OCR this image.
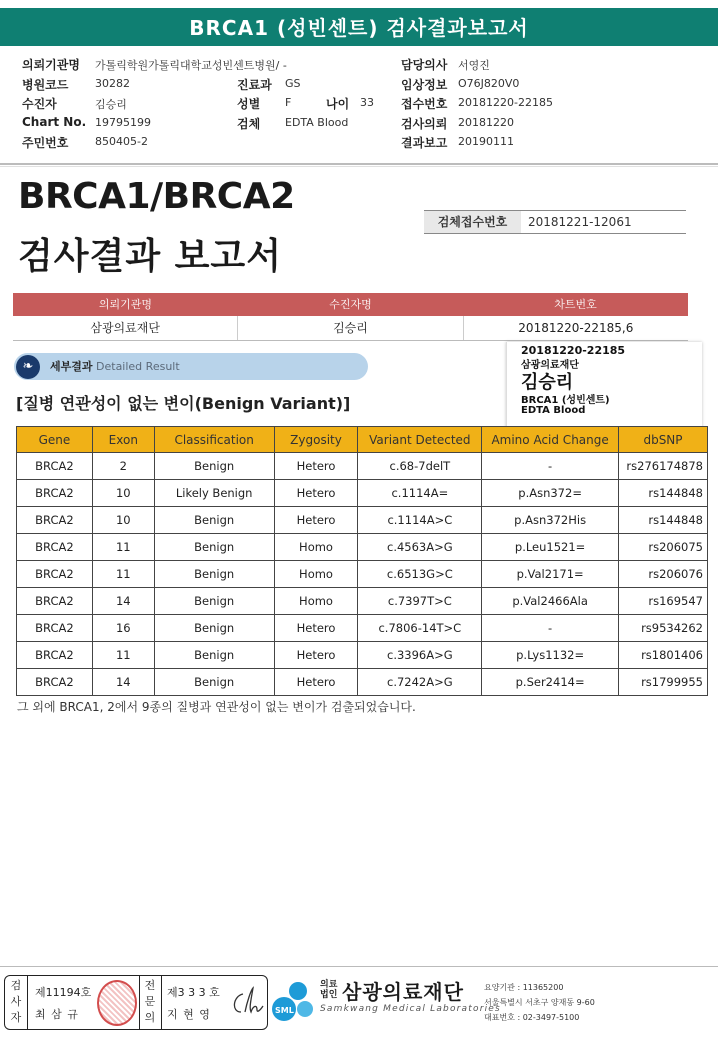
BRCA1 (성빈센트) 검사결과보고서
의뢰기관명 가톨릭학원가톨릭대학교성빈센트병원/ -
병원코드 30282	진료과 GS
수진자	김승리	성별 F	나이 33
Chart No. 19795199	검체 EDTA Blood
주민번호 850405-2
담당의사 서영진
임상정보 O76J820V0
접수번호 20181220-22185
검사의뢰 20181220
결과보고 20190111
BRCA1/BRCA2
검사결과 보고서
검체접수번호	20181221-12061
의뢰기관명	수진자명	차트번호
삼광의료재단	김승리	20181220-22185,6
❧	세부결과 Detailed Result
[질병 연관성이 없는 변이(Benign Variant)]
20181220-22185
삼광의료재단
김승리
BRCA1 (성빈센트)
EDTA Blood
Gene	Exon	Classification	Zygosity	Variant Detected	Amino Acid Change	dbSNP
BRCA2	2	Benign	Hetero	c.68-7delT	-	rs276174878
BRCA2	10	Likely Benign	Hetero	c.1114A=	p.Asn372=	rs144848
BRCA2	10	Benign	Hetero	c.1114A>C	p.Asn372His	rs144848
BRCA2	11	Benign	Homo	c.4563A>G	p.Leu1521=	rs206075
BRCA2	11	Benign	Homo	c.6513G>C	p.Val2171=	rs206076
BRCA2	14	Benign	Homo	c.7397T>C	p.Val2466Ala	rs169547
BRCA2	16	Benign	Hetero	c.7806-14T>C	-	rs9534262
BRCA2	11	Benign	Hetero	c.3396A>G	p.Lys1132=	rs1801406
BRCA2	14	Benign	Hetero	c.7242A>G	p.Ser2414=	rs1799955
그 외에 BRCA1, 2에서 9종의 질병과 연관성이 없는 변이가 검출되었습니다.
검
사
자
제11194호
최 삼 규
전
문
의
제3 3 3 호
지 현 영	SML
의료
법인 삼광의료재단
Samkwang Medical Laboratories
요양기관 : 11365200
서울특별시 서초구 양재동 9-60
대표번호 : 02-3497-5100
